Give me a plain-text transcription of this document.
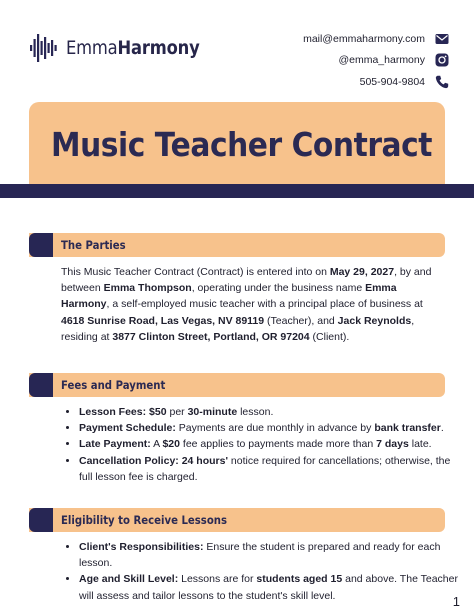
EmmaHarmony	mail@emmaharmony.com
@emma_harmony
505-904-9804
Music Teacher Contract
The Parties

This Music Teacher Contract (Contract) is entered into on May 29, 2027, by and between Emma Thompson, operating under the business name Emma Harmony, a self-employed music teacher with a principal place of business at 4618 Sunrise Road, Las Vegas, NV 89119 (Teacher), and Jack Reynolds, residing at 3877 Clinton Street, Portland, OR 97204 (Client).

Fees and Payment
• Lesson Fees: $50 per 30-minute lesson.
• Payment Schedule: Payments are due monthly in advance by bank transfer.
• Late Payment: A $20 fee applies to payments made more than 7 days late.
• Cancellation Policy: 24 hours' notice required for cancellations; otherwise, the full lesson fee is charged.
Eligibility to Receive Lessons
• Client's Responsibilities: Ensure the student is prepared and ready for each lesson.
• Age and Skill Level: Lessons are for students aged 15 and above. The Teacher will assess and tailor lessons to the student's skill level.	1
